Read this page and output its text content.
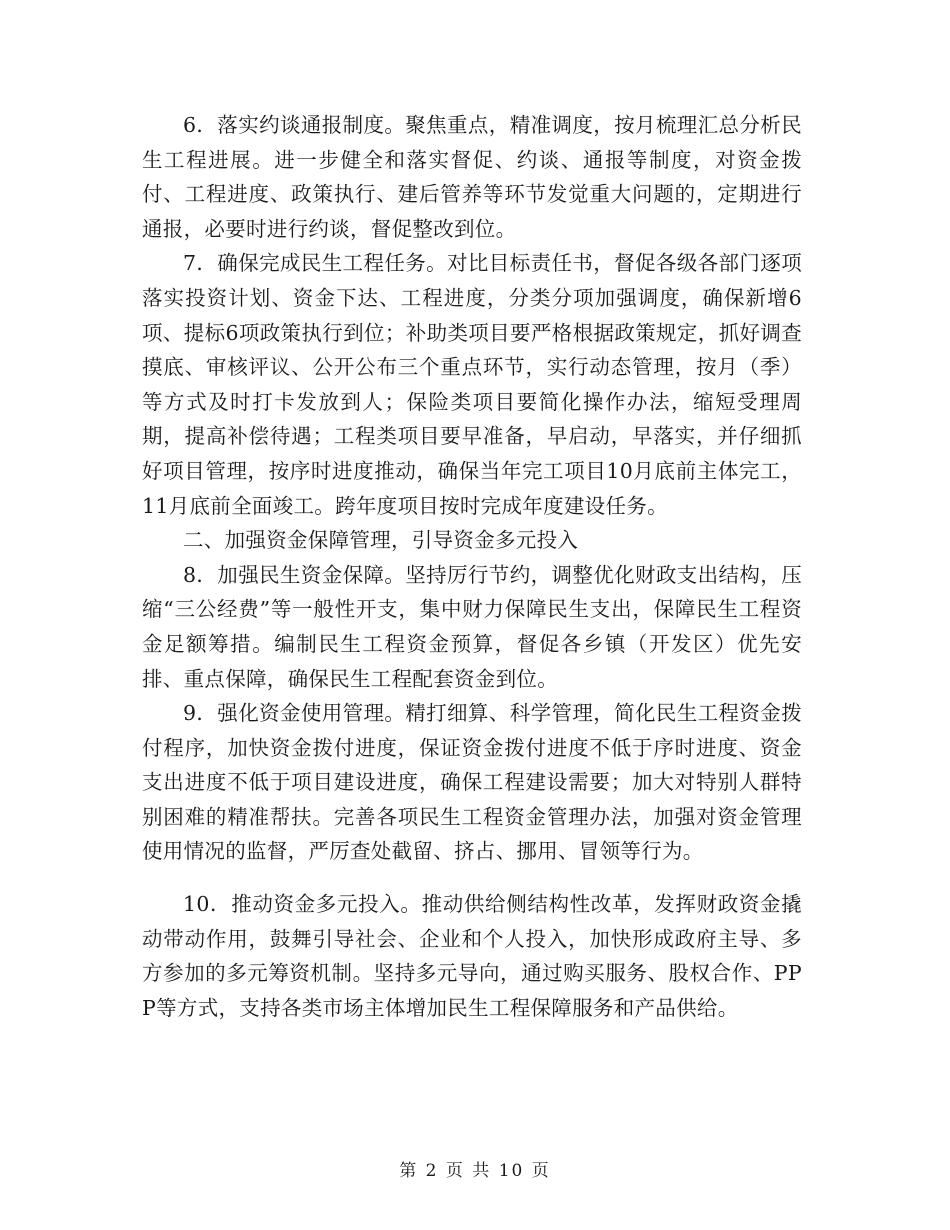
6．落实约谈通报制度。聚焦重点，精准调度，按月梳理汇总分析民生工程进展。进一步健全和落实督促、约谈、通报等制度，对资金拨付、工程进度、政策执行、建后管养等环节发觉重大问题的，定期进行通报，必要时进行约谈，督促整改到位。

7．确保完成民生工程任务。对比目标责任书，督促各级各部门逐项落实投资计划、资金下达、工程进度，分类分项加强调度，确保新增6项、提标6项政策执行到位；补助类项目要严格根据政策规定，抓好调查摸底、审核评议、公开公布三个重点环节，实行动态管理，按月（季）等方式及时打卡发放到人；保险类项目要简化操作办法，缩短受理周期，提高补偿待遇；工程类项目要早准备，早启动，早落实，并仔细抓好项目管理，按序时进度推动，确保当年完工项目10月底前主体完工，11月底前全面竣工。跨年度项目按时完成年度建设任务。

二、加强资金保障管理，引导资金多元投入

8．加强民生资金保障。坚持厉行节约，调整优化财政支出结构，压缩“三公经费”等一般性开支，集中财力保障民生支出，保障民生工程资金足额筹措。编制民生工程资金预算，督促各乡镇（开发区）优先安排、重点保障，确保民生工程配套资金到位。

9．强化资金使用管理。精打细算、科学管理，简化民生工程资金拨付程序，加快资金拨付进度，保证资金拨付进度不低于序时进度、资金支出进度不低于项目建设进度，确保工程建设需要；加大对特别人群特别困难的精准帮扶。完善各项民生工程资金管理办法，加强对资金管理使用情况的监督，严厉查处截留、挤占、挪用、冒领等行为。

10．推动资金多元投入。推动供给侧结构性改革，发挥财政资金撬动带动作用，鼓舞引导社会、企业和个人投入，加快形成政府主导、多方参加的多元筹资机制。坚持多元导向，通过购买服务、股权合作、PPP等方式，支持各类市场主体增加民生工程保障服务和产品供给。

第 2 页 共 10 页
